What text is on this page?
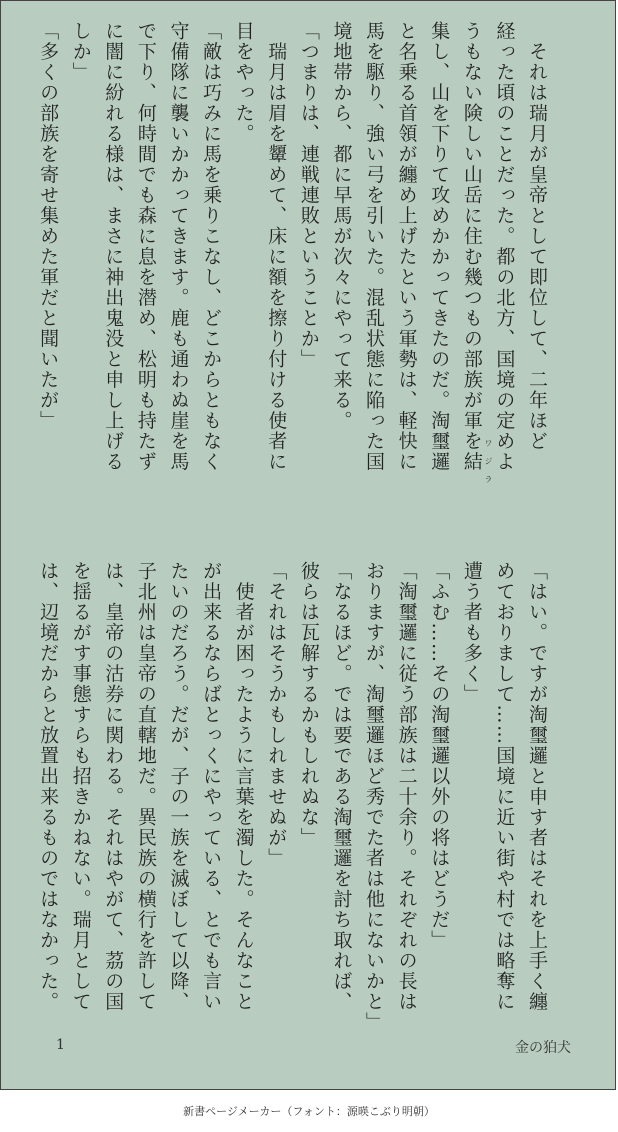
　それは瑞月が皇帝として即位して、二年ほど
経った頃のことだった。都の北方、国境の定めよ
うもない険しい山岳に住む幾つもの部族が軍を結
集し、山を下りて攻めかかってきたのだ。淘璽邏
と名乗る首領が纏め上げたという軍勢は、軽快に
馬を駆り、強い弓を引いた。混乱状態に陥った国
境地帯から、都に早馬が次々にやって来る。
「つまりは、連戦連敗ということか」
　瑞月は眉を顰めて、床に額を擦り付ける使者に
目をやった。
「敵は巧みに馬を乗りこなし、どこからともなく
守備隊に襲いかかってきます。鹿も通わぬ崖を馬
で下り、何時間でも森に息を潜め、松明も持たず
に闇に紛れる様は、まさに神出鬼没と申し上げる
しか」
「多くの部族を寄せ集めた軍だと聞いたが」
ワジラ
「はい。ですが淘璽邏と申す者はそれを上手く纏
めておりまして……国境に近い街や村では略奪に
遭う者も多く」
「ふむ……その淘璽邏以外の将はどうだ」
「淘璽邏に従う部族は二十余り。それぞれの長は
おりますが、淘璽邏ほど秀でた者は他にないかと」
「なるほど。では要である淘璽邏を討ち取れば、
彼らは瓦解するかもしれぬな」
「それはそうかもしれませぬが」
　使者が困ったように言葉を濁した。そんなこと
が出来るならばとっくにやっている、とでも言い
たいのだろう。だが、子の一族を滅ぼして以降、
子北州は皇帝の直轄地だ。異民族の横行を許して
は、皇帝の沽券に関わる。それはやがて、茘の国
を揺るがす事態すらも招きかねない。瑞月として
は、辺境だからと放置出来るものではなかった。
1	金の狛犬
新書ページメーカー（フォント：源暎こぶり明朝）
